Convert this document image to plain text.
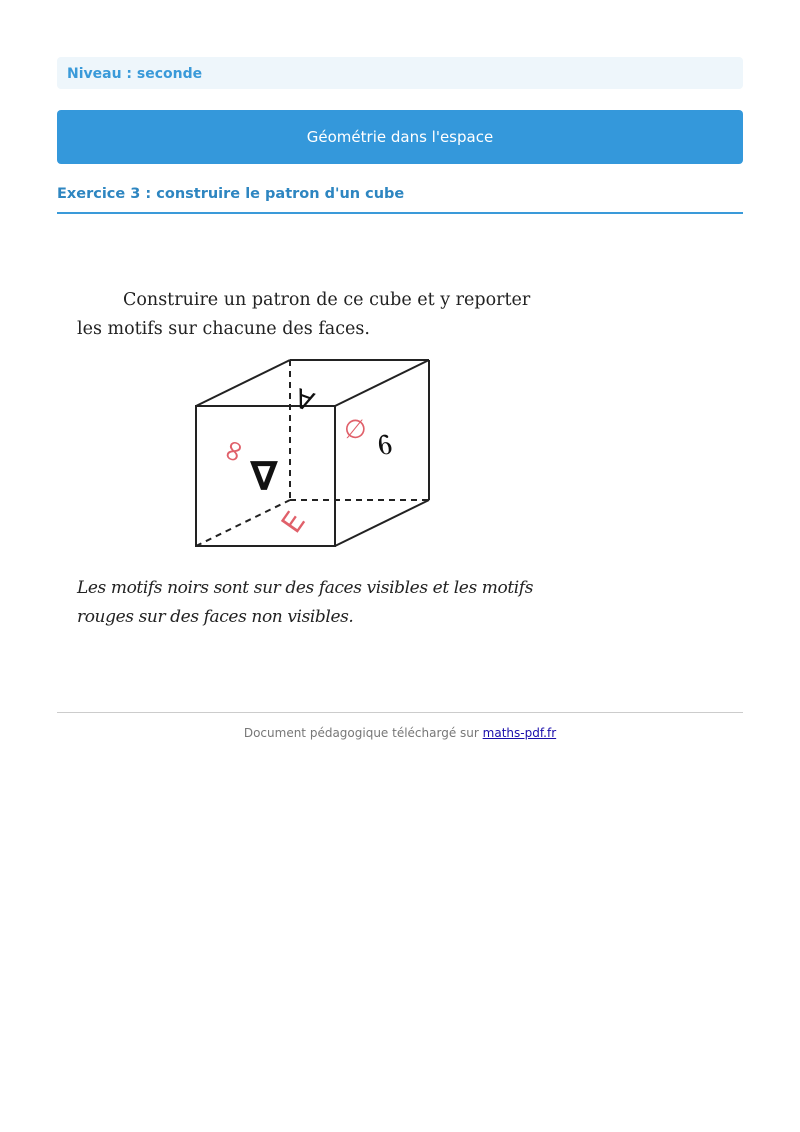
Niveau : seconde
Géométrie dans l'espace
Exercice 3 : construire le patron d'un cube

Construire un patron de ce cube et y reporter les motifs sur chacune des faces.

A
∞
∇
∅ ∂
E

Les motifs noirs sont sur des faces visibles et les motifs rouges sur des faces non visibles.

Document pédagogique téléchargé sur maths-pdf.fr
